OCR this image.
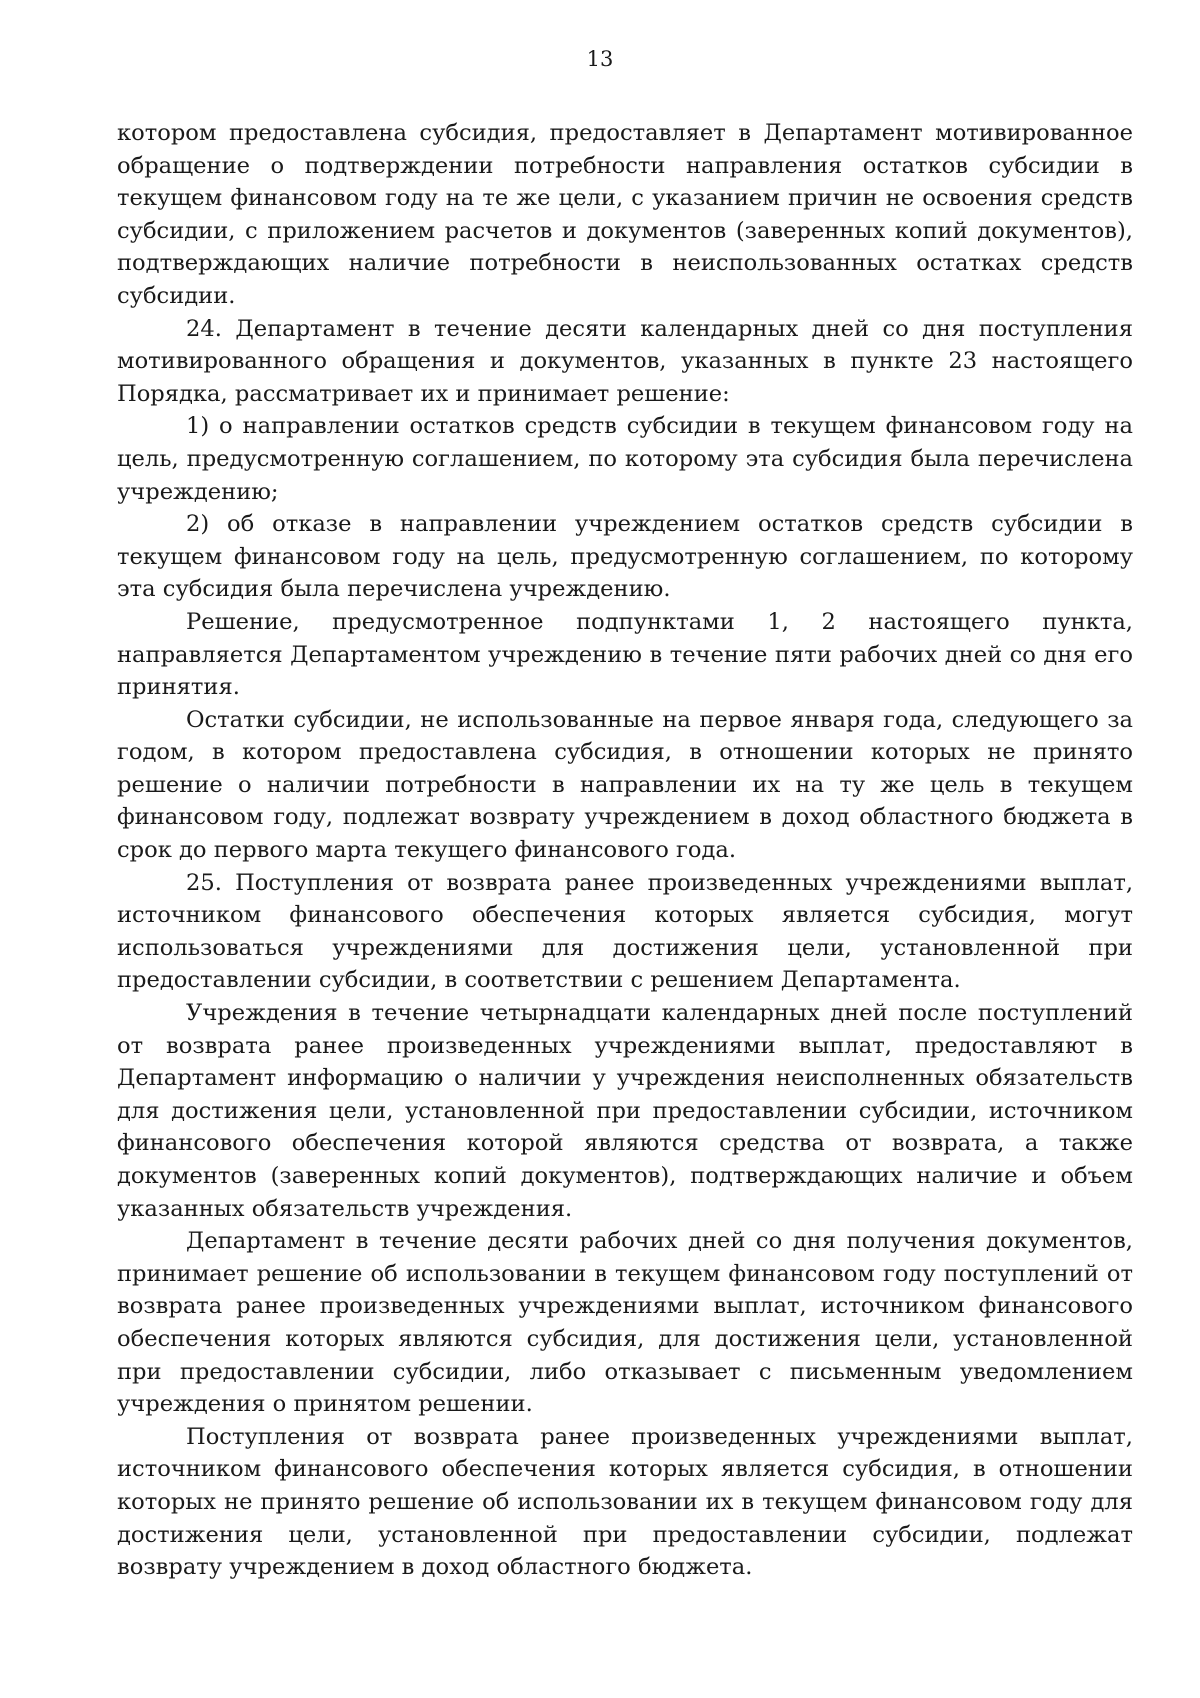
13

котором предоставлена субсидия, предоставляет в Департамент мотивированное обращение о подтверждении потребности направления остатков субсидии в текущем финансовом году на те же цели, с указанием причин не освоения средств субсидии, с приложением расчетов и документов (заверенных копий документов), подтверждающих наличие потребности в неиспользованных остатках средств субсидии.

24. Департамент в течение десяти календарных дней со дня поступления мотивированного обращения и документов, указанных в пункте 23 настоящего Порядка, рассматривает их и принимает решение:

1) о направлении остатков средств субсидии в текущем финансовом году на цель, предусмотренную соглашением, по которому эта субсидия была перечислена учреждению;

2) об отказе в направлении учреждением остатков средств субсидии в текущем финансовом году на цель, предусмотренную соглашением, по которому эта субсидия была перечислена учреждению.

Решение, предусмотренное подпунктами 1, 2 настоящего пункта, направляется Департаментом учреждению в течение пяти рабочих дней со дня его принятия.

Остатки субсидии, не использованные на первое января года, следующего за годом, в котором предоставлена субсидия, в отношении которых не принято решение о наличии потребности в направлении их на ту же цель в текущем финансовом году, подлежат возврату учреждением в доход областного бюджета в срок до первого марта текущего финансового года.

25. Поступления от возврата ранее произведенных учреждениями выплат, источником финансового обеспечения которых является субсидия, могут использоваться учреждениями для достижения цели, установленной при предоставлении субсидии, в соответствии с решением Департамента.

Учреждения в течение четырнадцати календарных дней после поступлений от возврата ранее произведенных учреждениями выплат, предоставляют в Департамент информацию о наличии у учреждения неисполненных обязательств для достижения цели, установленной при предоставлении субсидии, источником финансового обеспечения которой являются средства от возврата, а также документов (заверенных копий документов), подтверждающих наличие и объем указанных обязательств учреждения.

Департамент в течение десяти рабочих дней со дня получения документов, принимает решение об использовании в текущем финансовом году поступлений от возврата ранее произведенных учреждениями выплат, источником финансового обеспечения которых являются субсидия, для достижения цели, установленной при предоставлении субсидии, либо отказывает с письменным уведомлением учреждения о принятом решении.

Поступления от возврата ранее произведенных учреждениями выплат, источником финансового обеспечения которых является субсидия, в отношении которых не принято решение об использовании их в текущем финансовом году для достижения цели, установленной при предоставлении субсидии, подлежат возврату учреждением в доход областного бюджета.
